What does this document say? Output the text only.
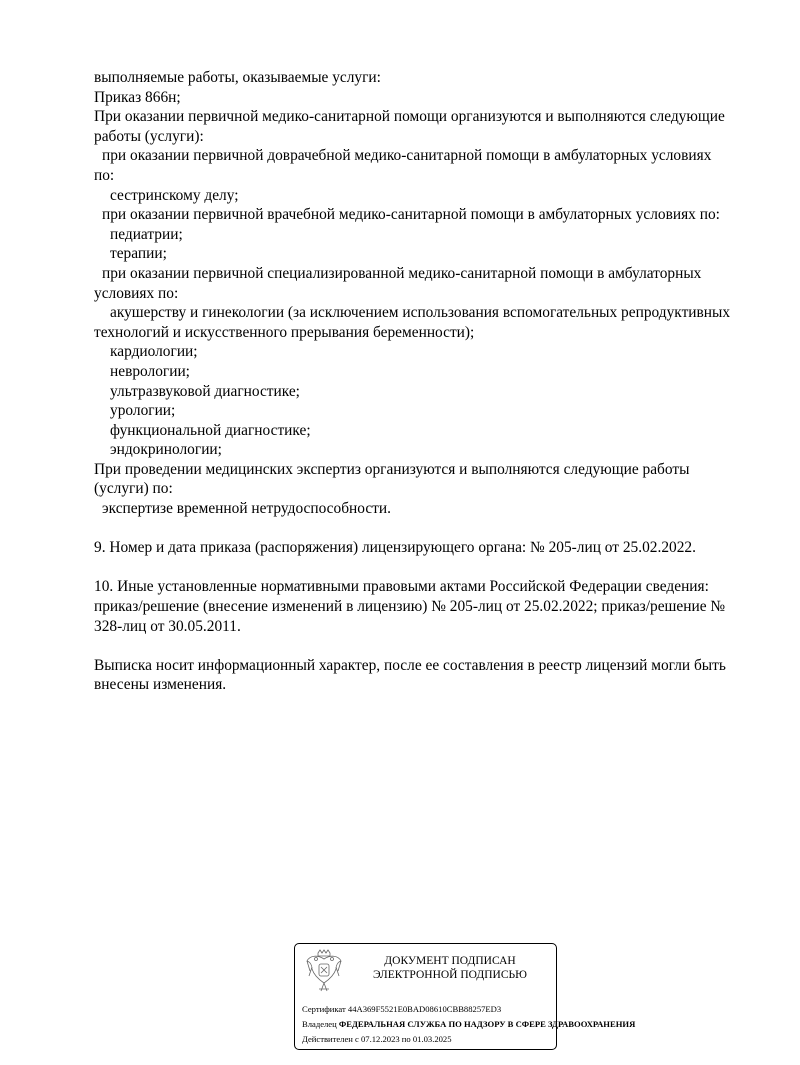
выполняемые работы, оказываемые услуги:
Приказ 866н;
При оказании первичной медико-санитарной помощи организуются и выполняются следующие
работы (услуги):
при оказании первичной доврачебной медико-санитарной помощи в амбулаторных условиях
по:
сестринскому делу;
при оказании первичной врачебной медико-санитарной помощи в амбулаторных условиях по:
педиатрии;
терапии;
при оказании первичной специализированной медико-санитарной помощи в амбулаторных
условиях по:
акушерству и гинекологии (за исключением использования вспомогательных репродуктивных
технологий и искусственного прерывания беременности);
кардиологии;
неврологии;
ультразвуковой диагностике;
урологии;
функциональной диагностике;
эндокринологии;
При проведении медицинских экспертиз организуются и выполняются следующие работы
(услуги) по:
экспертизе временной нетрудоспособности.
9. Номер и дата приказа (распоряжения) лицензирующего органа: № 205-лиц от 25.02.2022.
10. Иные установленные нормативными правовыми актами Российской Федерации сведения:
приказ/решение (внесение изменений в лицензию) № 205-лиц от 25.02.2022; приказ/решение №
328-лиц от 30.05.2011.
Выписка носит информационный характер, после ее составления в реестр лицензий могли быть
внесены изменения.
ДОКУМЕНТ ПОДПИСАН
ЭЛЕКТРОННОЙ ПОДПИСЬЮ
Сертификат 44A369F5521E0BAD08610CBB88257ED3
Владелец ФЕДЕРАЛЬНАЯ СЛУЖБА ПО НАДЗОРУ В СФЕРЕ ЗДРАВООХРАНЕНИЯ
Действителен с 07.12.2023 по 01.03.2025
